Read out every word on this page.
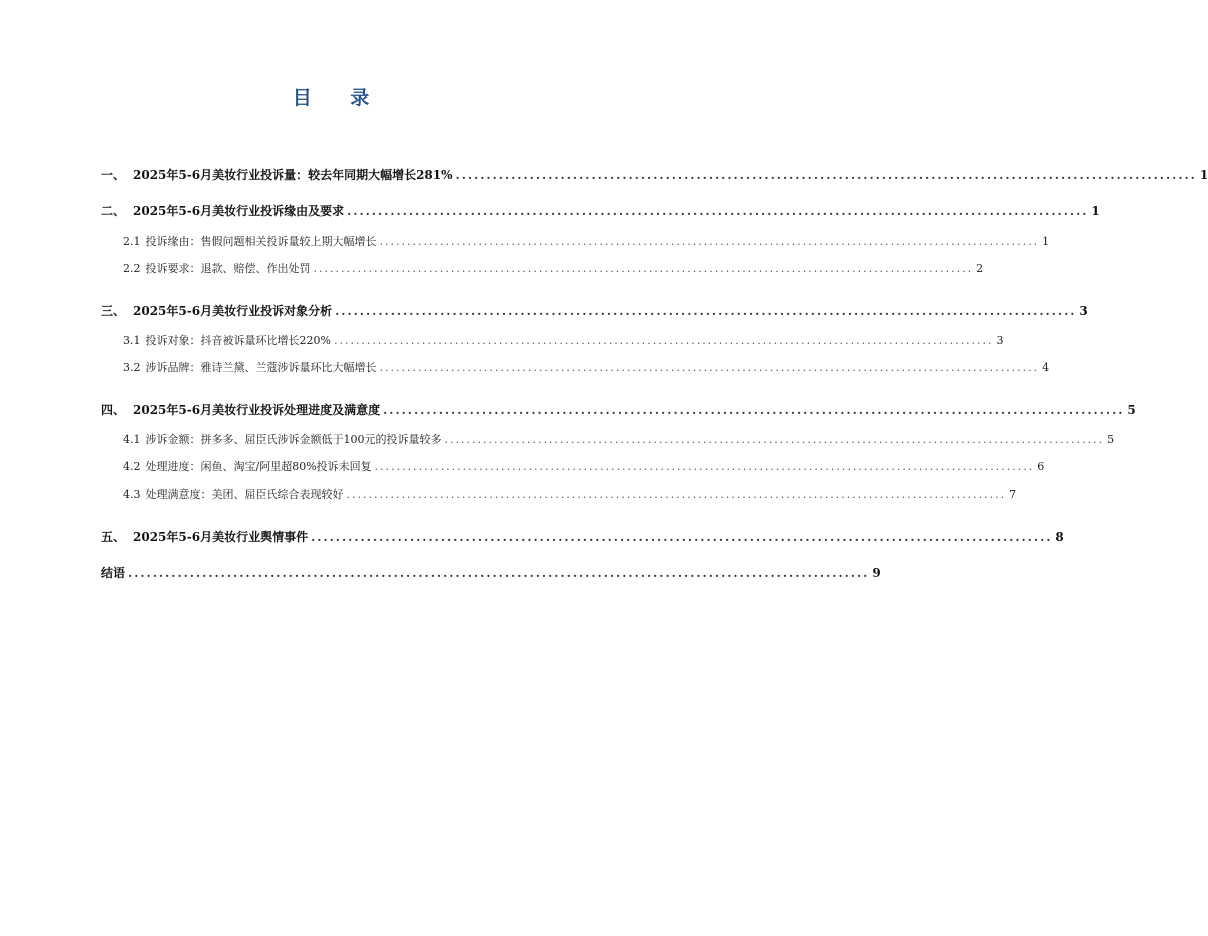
目 录
一、 2025年5-6月美妆行业投诉量：较去年同期大幅增长281% ........................................................................................................................ 1
二、 2025年5-6月美妆行业投诉缘由及要求 ........................................................................................................................ 1
2.1 投诉缘由：售假问题相关投诉量较上期大幅增长 ........................................................................................................................ 1
2.2 投诉要求：退款、赔偿、作出处罚 ........................................................................................................................ 2
三、 2025年5-6月美妆行业投诉对象分析 ........................................................................................................................ 3
3.1 投诉对象：抖音被诉量环比增长220% ........................................................................................................................ 3
3.2 涉诉品牌：雅诗兰黛、兰蔻涉诉量环比大幅增长 ........................................................................................................................ 4
四、 2025年5-6月美妆行业投诉处理进度及满意度 ........................................................................................................................ 5
4.1 涉诉金额：拼多多、屈臣氏涉诉金额低于100元的投诉量较多 ........................................................................................................................ 5
4.2 处理进度：闲鱼、淘宝/阿里超80%投诉未回复 ........................................................................................................................ 6
4.3 处理满意度：美团、屈臣氏综合表现较好 ........................................................................................................................ 7
五、 2025年5-6月美妆行业舆情事件 ........................................................................................................................ 8
结语 ........................................................................................................................ 9
